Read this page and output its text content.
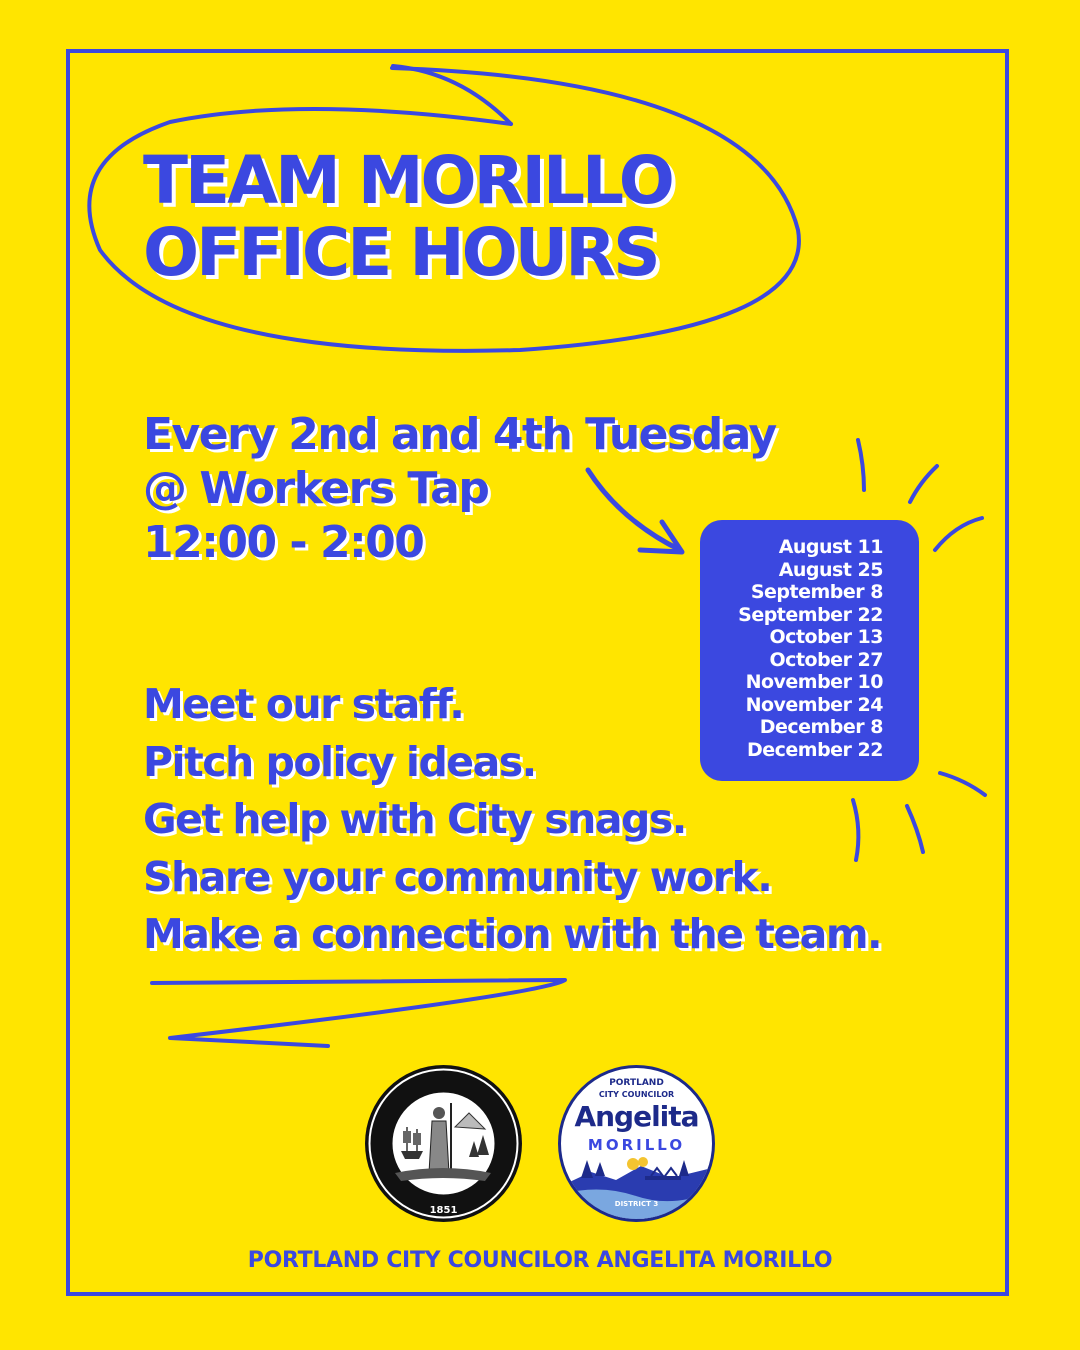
TEAM MORILLO
OFFICE HOURS
Every 2nd and 4th Tuesday
@ Workers Tap
12:00 - 2:00	August 11
August 25
September 8
September 22
October 13
October 27
November 10
November 24
December 8
December 22
Meet our staff.
Pitch policy ideas.
Get help with City snags.
Share your community work.
Make a connection with the team.
1851
PORTLAND
CITY COUNCILOR
Angelita
MORILLO
DISTRICT 3
PORTLAND CITY COUNCILOR ANGELITA MORILLO
